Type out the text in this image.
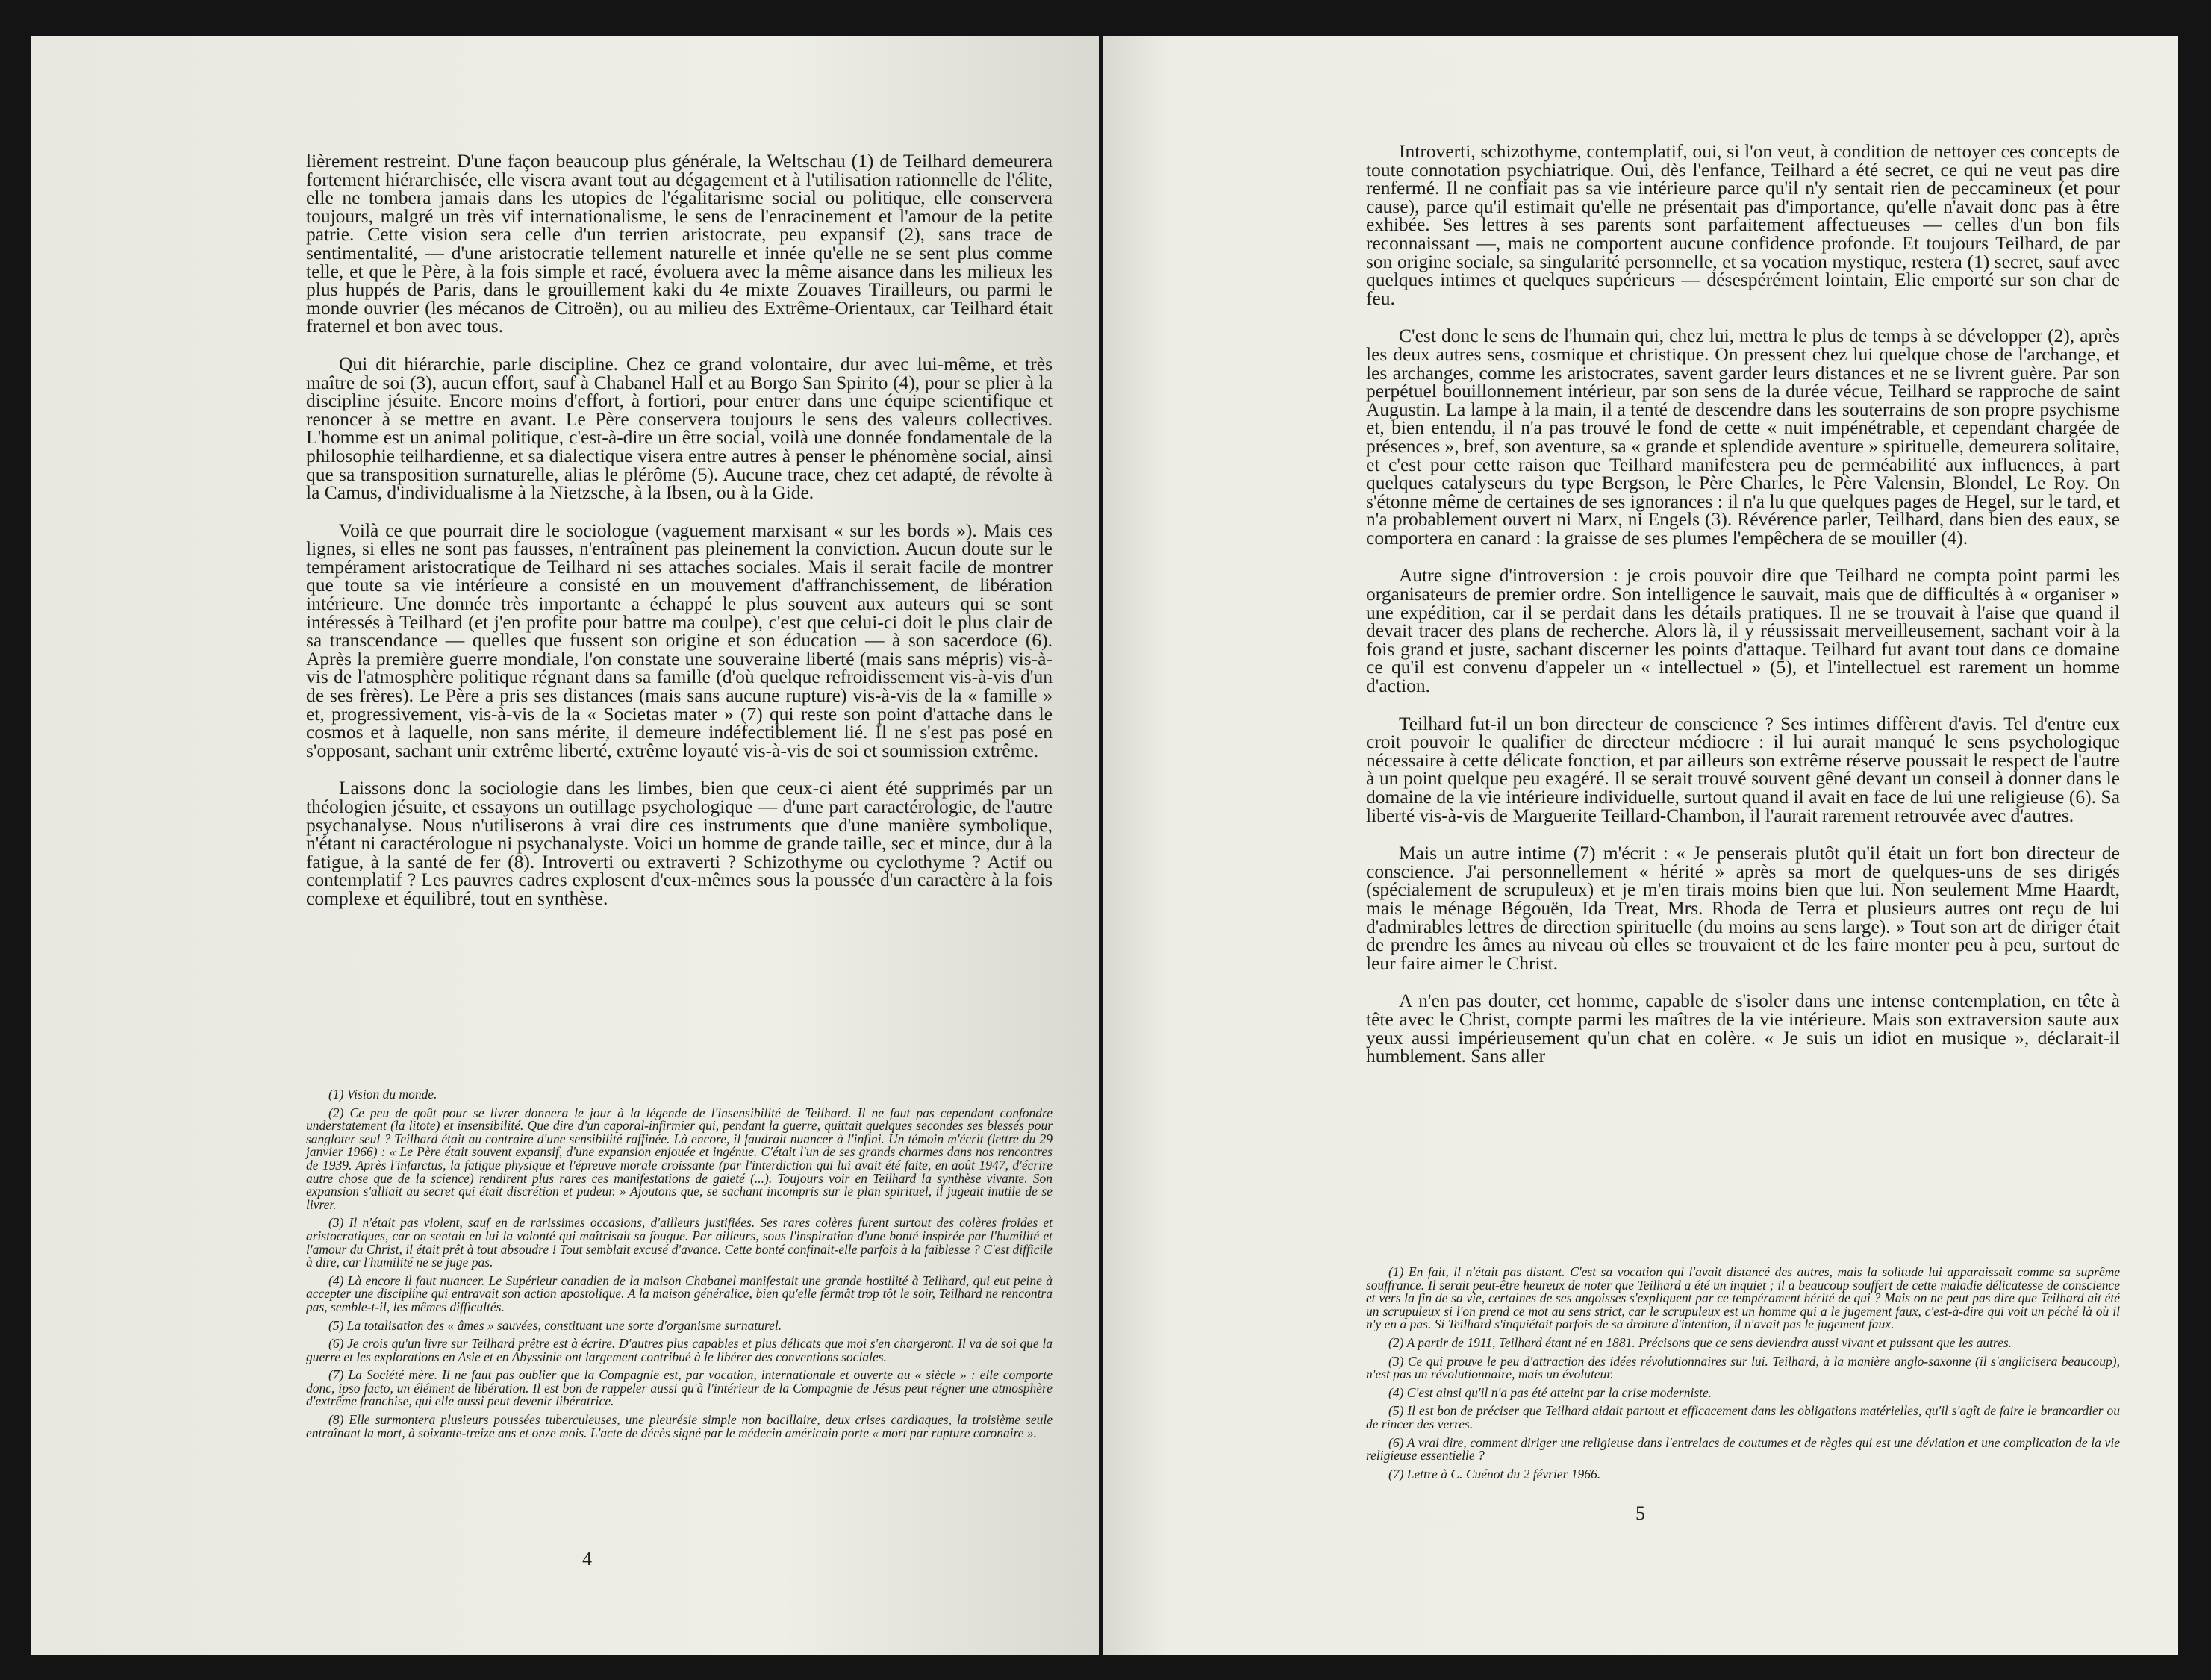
lièrement restreint. D'une façon beaucoup plus générale, la Weltschau (1) de Teilhard demeurera fortement hiérarchisée, elle visera avant tout au dégagement et à l'utilisation rationnelle de l'élite, elle ne tombera jamais dans les utopies de l'égalitarisme social ou politique, elle conservera toujours, malgré un très vif internationalisme, le sens de l'enracinement et l'amour de la petite patrie. Cette vision sera celle d'un terrien aristocrate, peu expansif (2), sans trace de sentimentalité, — d'une aristocratie tellement naturelle et innée qu'elle ne se sent plus comme telle, et que le Père, à la fois simple et racé, évoluera avec la même aisance dans les milieux les plus huppés de Paris, dans le grouillement kaki du 4e mixte Zouaves Tirailleurs, ou parmi le monde ouvrier (les mécanos de Citroën), ou au milieu des Extrême-Orientaux, car Teilhard était fraternel et bon avec tous.

Qui dit hiérarchie, parle discipline. Chez ce grand volontaire, dur avec lui-même, et très maître de soi (3), aucun effort, sauf à Chabanel Hall et au Borgo San Spirito (4), pour se plier à la discipline jésuite. Encore moins d'effort, à fortiori, pour entrer dans une équipe scientifique et renoncer à se mettre en avant. Le Père conservera toujours le sens des valeurs collectives. L'homme est un animal politique, c'est-à-dire un être social, voilà une donnée fondamentale de la philosophie teilhardienne, et sa dialectique visera entre autres à penser le phénomène social, ainsi que sa transposition surnaturelle, alias le plérôme (5). Aucune trace, chez cet adapté, de révolte à la Camus, d'individualisme à la Nietzsche, à la Ibsen, ou à la Gide.

Voilà ce que pourrait dire le sociologue (vaguement marxisant « sur les bords »). Mais ces lignes, si elles ne sont pas fausses, n'entraînent pas pleinement la conviction. Aucun doute sur le tempérament aristocratique de Teilhard ni ses attaches sociales. Mais il serait facile de montrer que toute sa vie intérieure a consisté en un mouvement d'affranchissement, de libération intérieure. Une donnée très importante a échappé le plus souvent aux auteurs qui se sont intéressés à Teilhard (et j'en profite pour battre ma coulpe), c'est que celui-ci doit le plus clair de sa transcendance — quelles que fussent son origine et son éducation — à son sacerdoce (6). Après la première guerre mondiale, l'on constate une souveraine liberté (mais sans mépris) vis-à-vis de l'atmosphère politique régnant dans sa famille (d'où quelque refroidissement vis-à-vis d'un de ses frères). Le Père a pris ses distances (mais sans aucune rupture) vis-à-vis de la « famille » et, progressivement, vis-à-vis de la « Societas mater » (7) qui reste son point d'attache dans le cosmos et à laquelle, non sans mérite, il demeure indéfectiblement lié. Il ne s'est pas posé en s'opposant, sachant unir extrême liberté, extrême loyauté vis-à-vis de soi et soumission extrême.

Laissons donc la sociologie dans les limbes, bien que ceux-ci aient été supprimés par un théologien jésuite, et essayons un outillage psychologique — d'une part caractérologie, de l'autre psychanalyse. Nous n'utiliserons à vrai dire ces instruments que d'une manière symbolique, n'étant ni caractérologue ni psychanalyste. Voici un homme de grande taille, sec et mince, dur à la fatigue, à la santé de fer (8). Introverti ou extraverti ? Schizothyme ou cyclothyme ? Actif ou contemplatif ? Les pauvres cadres explosent d'eux-mêmes sous la poussée d'un caractère à la fois complexe et équilibré, tout en synthèse.

(1) Vision du monde.

(2) Ce peu de goût pour se livrer donnera le jour à la légende de l'insensibilité de Teilhard. Il ne faut pas cependant confondre understatement (la litote) et insensibilité. Que dire d'un caporal-infirmier qui, pendant la guerre, quittait quelques secondes ses blessés pour sangloter seul ? Teilhard était au contraire d'une sensibilité raffinée. Là encore, il faudrait nuancer à l'infini. Un témoin m'écrit (lettre du 29 janvier 1966) : « Le Père était souvent expansif, d'une expansion enjouée et ingénue. C'était l'un de ses grands charmes dans nos rencontres de 1939. Après l'infarctus, la fatigue physique et l'épreuve morale croissante (par l'interdiction qui lui avait été faite, en août 1947, d'écrire autre chose que de la science) rendirent plus rares ces manifestations de gaieté (...). Toujours voir en Teilhard la synthèse vivante. Son expansion s'alliait au secret qui était discrétion et pudeur. » Ajoutons que, se sachant incompris sur le plan spirituel, il jugeait inutile de se livrer.

(3) Il n'était pas violent, sauf en de rarissimes occasions, d'ailleurs justifiées. Ses rares colères furent surtout des colères froides et aristocratiques, car on sentait en lui la volonté qui maîtrisait sa fougue. Par ailleurs, sous l'inspiration d'une bonté inspirée par l'humilité et l'amour du Christ, il était prêt à tout absoudre ! Tout semblait excusé d'avance. Cette bonté confinait-elle parfois à la faiblesse ? C'est difficile à dire, car l'humilité ne se juge pas.

(4) Là encore il faut nuancer. Le Supérieur canadien de la maison Chabanel manifestait une grande hostilité à Teilhard, qui eut peine à accepter une discipline qui entravait son action apostolique. A la maison généralice, bien qu'elle fermât trop tôt le soir, Teilhard ne rencontra pas, semble-t-il, les mêmes difficultés.

(5) La totalisation des « âmes » sauvées, constituant une sorte d'organisme surnaturel.

(6) Je crois qu'un livre sur Teilhard prêtre est à écrire. D'autres plus capables et plus délicats que moi s'en chargeront. Il va de soi que la guerre et les explorations en Asie et en Abyssinie ont largement contribué à le libérer des conventions sociales.

(7) La Société mère. Il ne faut pas oublier que la Compagnie est, par vocation, internationale et ouverte au « siècle » : elle comporte donc, ipso facto, un élément de libération. Il est bon de rappeler aussi qu'à l'intérieur de la Compagnie de Jésus peut régner une atmosphère d'extrême franchise, qui elle aussi peut devenir libératrice.

(8) Elle surmontera plusieurs poussées tuberculeuses, une pleurésie simple non bacillaire, deux crises cardiaques, la troisième seule entraînant la mort, à soixante-treize ans et onze mois. L'acte de décès signé par le médecin américain porte « mort par rupture coronaire ».

4

Introverti, schizothyme, contemplatif, oui, si l'on veut, à condition de nettoyer ces concepts de toute connotation psychiatrique. Oui, dès l'enfance, Teilhard a été secret, ce qui ne veut pas dire renfermé. Il ne confiait pas sa vie intérieure parce qu'il n'y sentait rien de peccamineux (et pour cause), parce qu'il estimait qu'elle ne présentait pas d'importance, qu'elle n'avait donc pas à être exhibée. Ses lettres à ses parents sont parfaitement affectueuses — celles d'un bon fils reconnaissant —, mais ne comportent aucune confidence profonde. Et toujours Teilhard, de par son origine sociale, sa singularité personnelle, et sa vocation mystique, restera (1) secret, sauf avec quelques intimes et quelques supérieurs — désespérément lointain, Elie emporté sur son char de feu.

C'est donc le sens de l'humain qui, chez lui, mettra le plus de temps à se développer (2), après les deux autres sens, cosmique et christique. On pressent chez lui quelque chose de l'archange, et les archanges, comme les aristocrates, savent garder leurs distances et ne se livrent guère. Par son perpétuel bouillonnement intérieur, par son sens de la durée vécue, Teilhard se rapproche de saint Augustin. La lampe à la main, il a tenté de descendre dans les souterrains de son propre psychisme et, bien entendu, il n'a pas trouvé le fond de cette « nuit impénétrable, et cependant chargée de présences », bref, son aventure, sa « grande et splendide aventure » spirituelle, demeurera solitaire, et c'est pour cette raison que Teilhard manifestera peu de perméabilité aux influences, à part quelques catalyseurs du type Bergson, le Père Charles, le Père Valensin, Blondel, Le Roy. On s'étonne même de certaines de ses ignorances : il n'a lu que quelques pages de Hegel, sur le tard, et n'a probablement ouvert ni Marx, ni Engels (3). Révérence parler, Teilhard, dans bien des eaux, se comportera en canard : la graisse de ses plumes l'empêchera de se mouiller (4).

Autre signe d'introversion : je crois pouvoir dire que Teilhard ne compta point parmi les organisateurs de premier ordre. Son intelligence le sauvait, mais que de difficultés à « organiser » une expédition, car il se perdait dans les détails pratiques. Il ne se trouvait à l'aise que quand il devait tracer des plans de recherche. Alors là, il y réussissait merveilleusement, sachant voir à la fois grand et juste, sachant discerner les points d'attaque. Teilhard fut avant tout dans ce domaine ce qu'il est convenu d'appeler un « intellectuel » (5), et l'intellectuel est rarement un homme d'action.

Teilhard fut-il un bon directeur de conscience ? Ses intimes diffèrent d'avis. Tel d'entre eux croit pouvoir le qualifier de directeur médiocre : il lui aurait manqué le sens psychologique nécessaire à cette délicate fonction, et par ailleurs son extrême réserve poussait le respect de l'autre à un point quelque peu exagéré. Il se serait trouvé souvent gêné devant un conseil à donner dans le domaine de la vie intérieure individuelle, surtout quand il avait en face de lui une religieuse (6). Sa liberté vis-à-vis de Marguerite Teillard-Chambon, il l'aurait rarement retrouvée avec d'autres.

Mais un autre intime (7) m'écrit : « Je penserais plutôt qu'il était un fort bon directeur de conscience. J'ai personnellement « hérité » après sa mort de quelques-uns de ses dirigés (spécialement de scrupuleux) et je m'en tirais moins bien que lui. Non seulement Mme Haardt, mais le ménage Bégouën, Ida Treat, Mrs. Rhoda de Terra et plusieurs autres ont reçu de lui d'admirables lettres de direction spirituelle (du moins au sens large). » Tout son art de diriger était de prendre les âmes au niveau où elles se trouvaient et de les faire monter peu à peu, surtout de leur faire aimer le Christ.

A n'en pas douter, cet homme, capable de s'isoler dans une intense contemplation, en tête à tête avec le Christ, compte parmi les maîtres de la vie intérieure. Mais son extraversion saute aux yeux aussi impérieusement qu'un chat en colère. « Je suis un idiot en musique », déclarait-il humblement. Sans aller

(1) En fait, il n'était pas distant. C'est sa vocation qui l'avait distancé des autres, mais la solitude lui apparaissait comme sa suprême souffrance. Il serait peut-être heureux de noter que Teilhard a été un inquiet ; il a beaucoup souffert de cette maladie délicatesse de conscience et vers la fin de sa vie, certaines de ses angoisses s'expliquent par ce tempérament hérité de qui ? Mais on ne peut pas dire que Teilhard ait été un scrupuleux si l'on prend ce mot au sens strict, car le scrupuleux est un homme qui a le jugement faux, c'est-à-dire qui voit un péché là où il n'y en a pas. Si Teilhard s'inquiétait parfois de sa droiture d'intention, il n'avait pas le jugement faux.

(2) A partir de 1911, Teilhard étant né en 1881. Précisons que ce sens deviendra aussi vivant et puissant que les autres.

(3) Ce qui prouve le peu d'attraction des idées révolutionnaires sur lui. Teilhard, à la manière anglo-saxonne (il s'anglicisera beaucoup), n'est pas un révolutionnaire, mais un évoluteur.

(4) C'est ainsi qu'il n'a pas été atteint par la crise moderniste.

(5) Il est bon de préciser que Teilhard aidait partout et efficacement dans les obligations matérielles, qu'il s'agît de faire le brancardier ou de rincer des verres.

(6) A vrai dire, comment diriger une religieuse dans l'entrelacs de coutumes et de règles qui est une déviation et une complication de la vie religieuse essentielle ?

(7) Lettre à C. Cuénot du 2 février 1966.

5
